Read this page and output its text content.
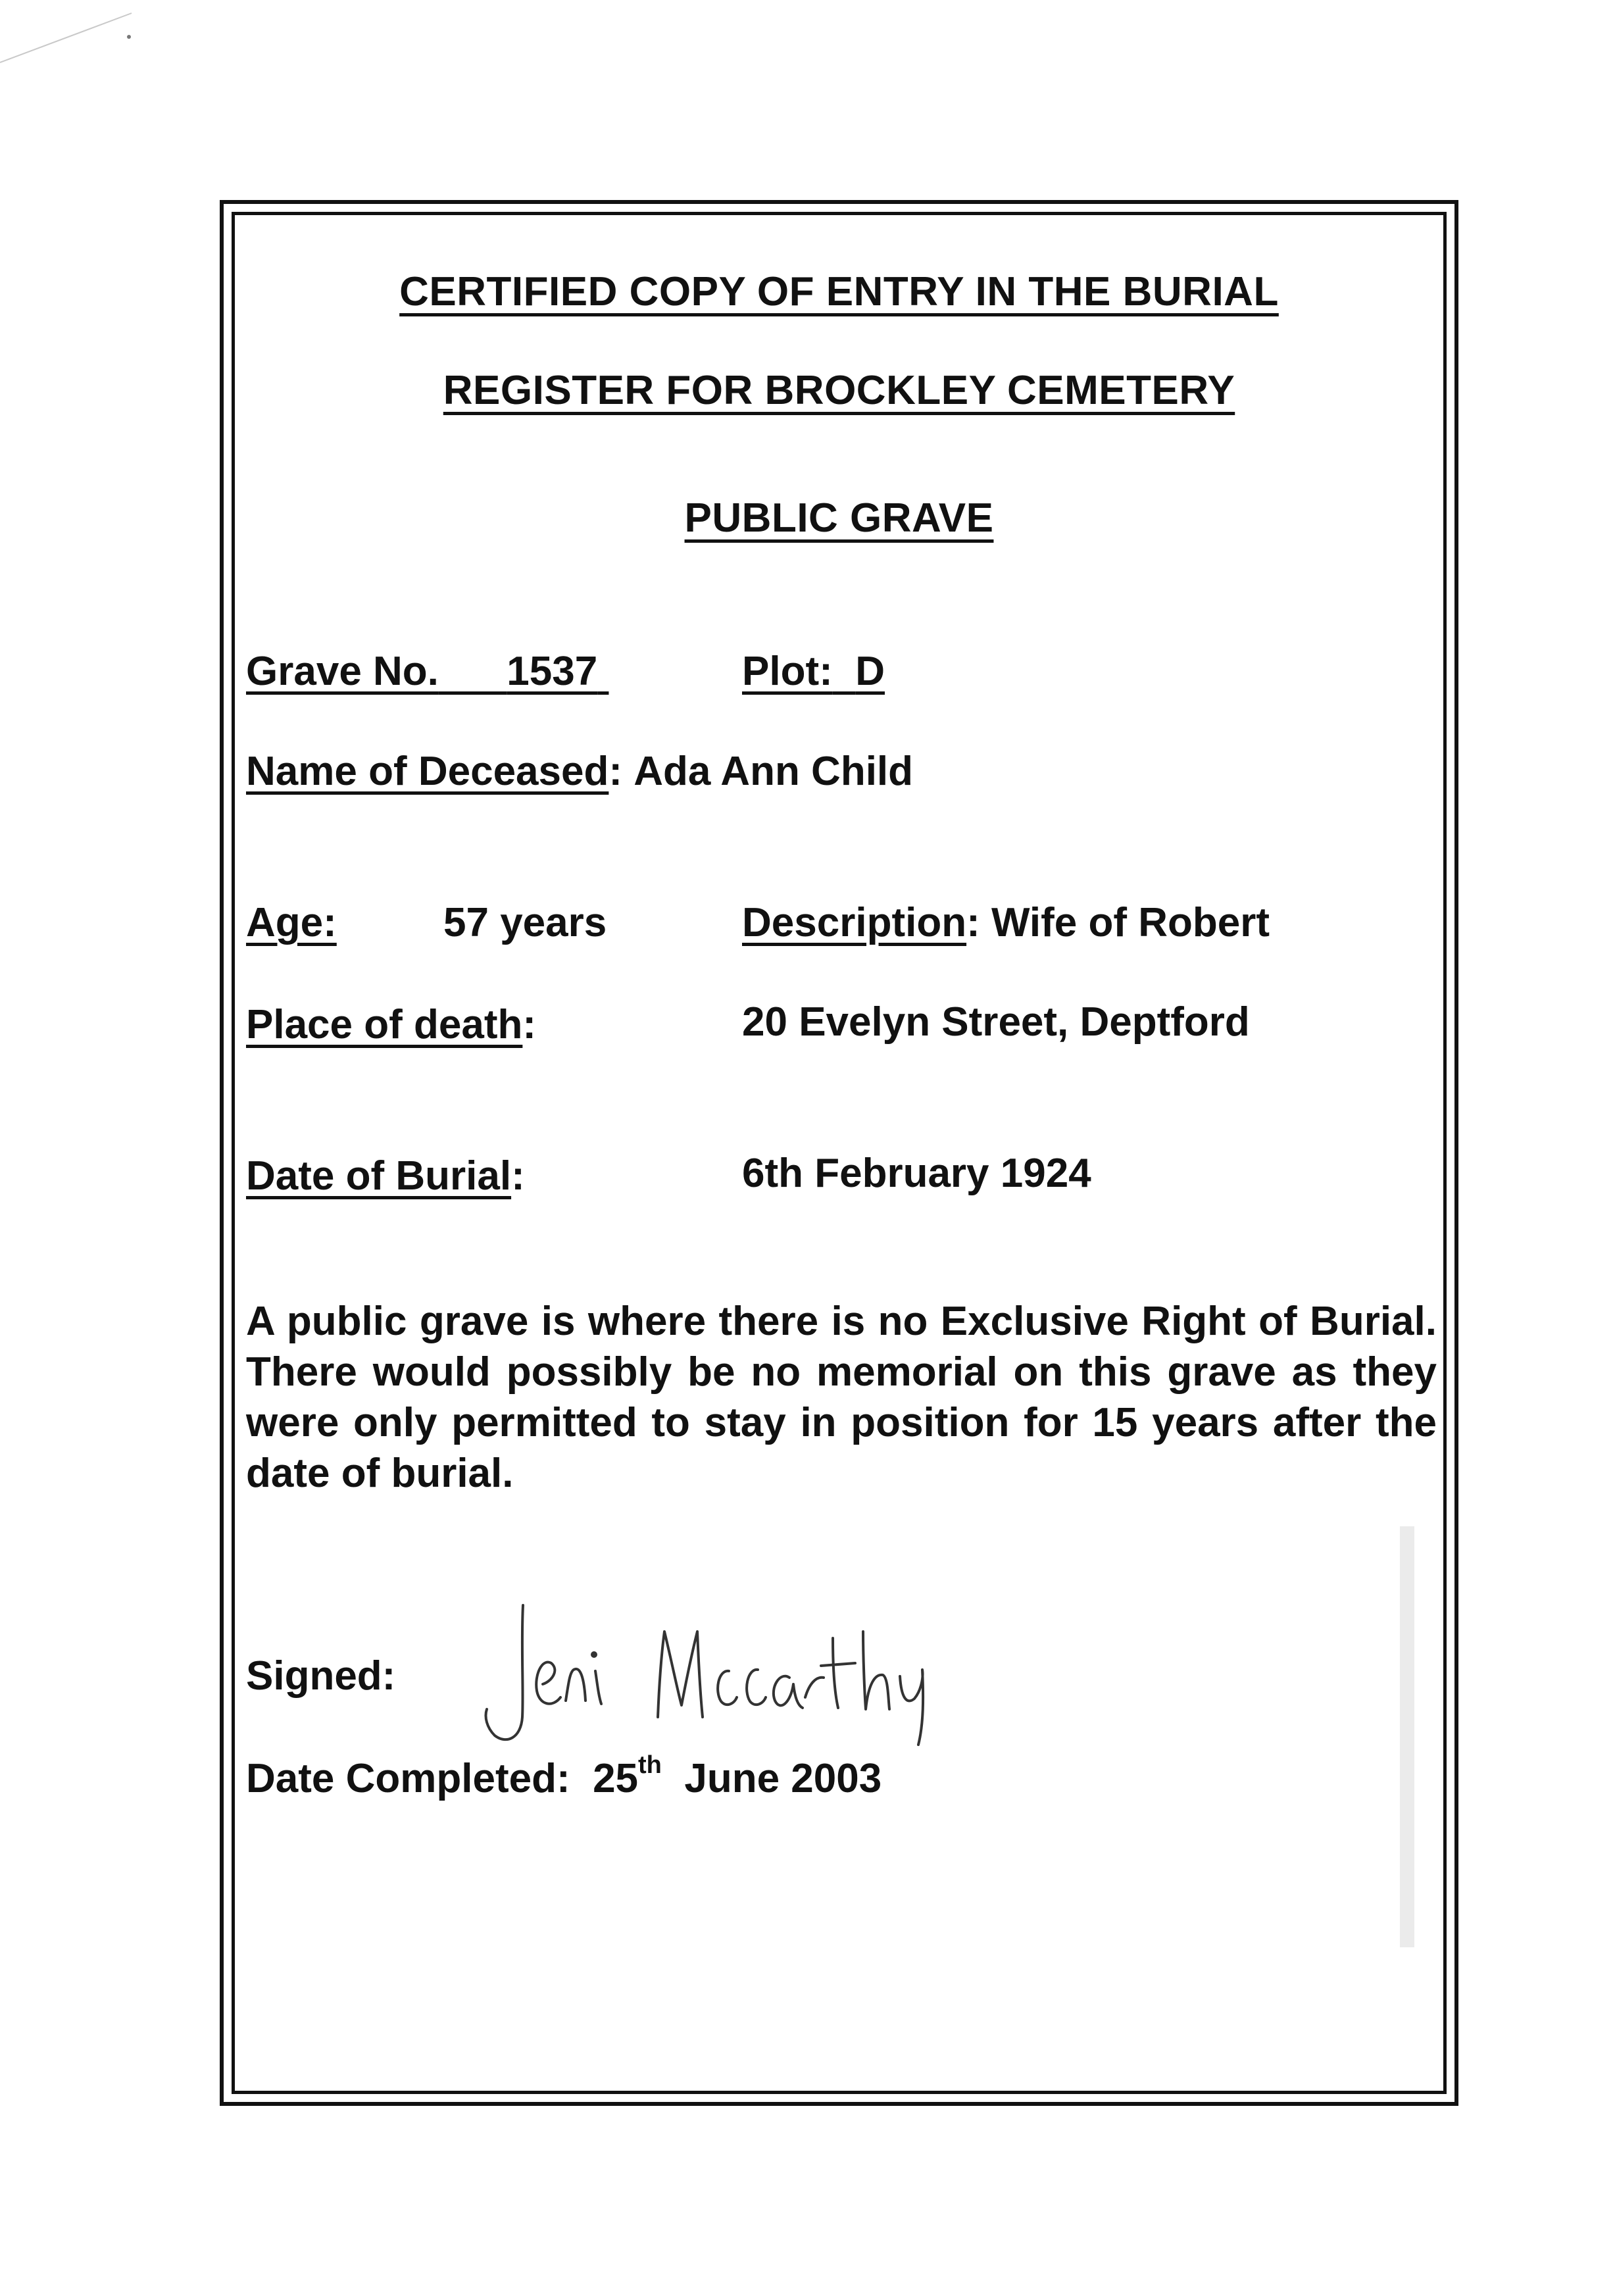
CERTIFIED COPY OF ENTRY IN THE BURIAL
REGISTER FOR BROCKLEY CEMETERY
PUBLIC GRAVE
Grave No. 1537	Plot: D
Name of Deceased: Ada Ann Child
Age:	57 years	Description: Wife of Robert
Place of death:	20 Evelyn Street, Deptford
Date of Burial:	6th February 1924
A public grave is where there is no Exclusive Right of Burial. There would possibly be no memorial on this grave as they were only permitted to stay in position for 15 years after the date of burial.
Signed:
Date Completed: 25th June 2003
